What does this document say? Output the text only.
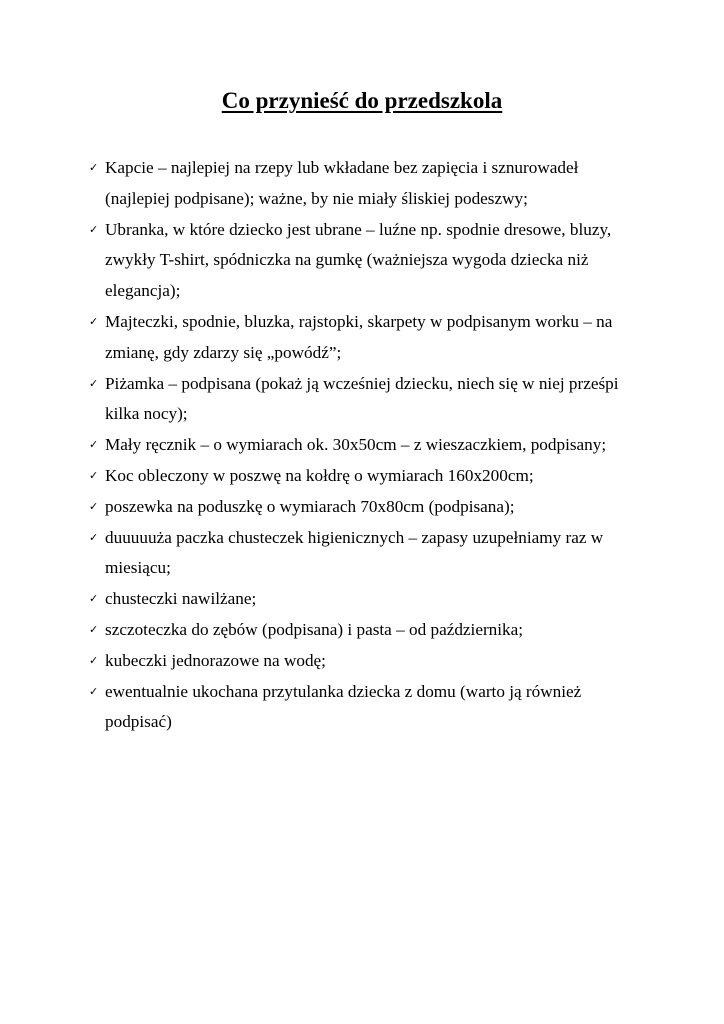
Co przynieść do przedszkola
✓ Kapcie – najlepiej na rzepy lub wkładane bez zapięcia i sznurowadeł (najlepiej podpisane); ważne, by nie miały śliskiej podeszwy;
✓ Ubranka, w które dziecko jest ubrane – luźne np. spodnie dresowe, bluzy, zwykły T-shirt, spódniczka na gumkę (ważniejsza wygoda dziecka niż elegancja);
✓ Majteczki, spodnie, bluzka, rajstopki, skarpety w podpisanym worku – na zmianę, gdy zdarzy się „powódź”;
✓ Piżamka – podpisana (pokaż ją wcześniej dziecku, niech się w niej prześpi kilka nocy);
✓ Mały ręcznik – o wymiarach ok. 30x50cm – z wieszaczkiem, podpisany;
✓ Koc obleczony w poszwę na kołdrę o wymiarach 160x200cm;
✓ poszewka na poduszkę o wymiarach 70x80cm (podpisana);
✓ duuuuuża paczka chusteczek higienicznych – zapasy uzupełniamy raz w miesiącu;
✓ chusteczki nawilżane;
✓ szczoteczka do zębów (podpisana) i pasta – od października;
✓ kubeczki jednorazowe na wodę;
✓ ewentualnie ukochana przytulanka dziecka z domu (warto ją również podpisać)
